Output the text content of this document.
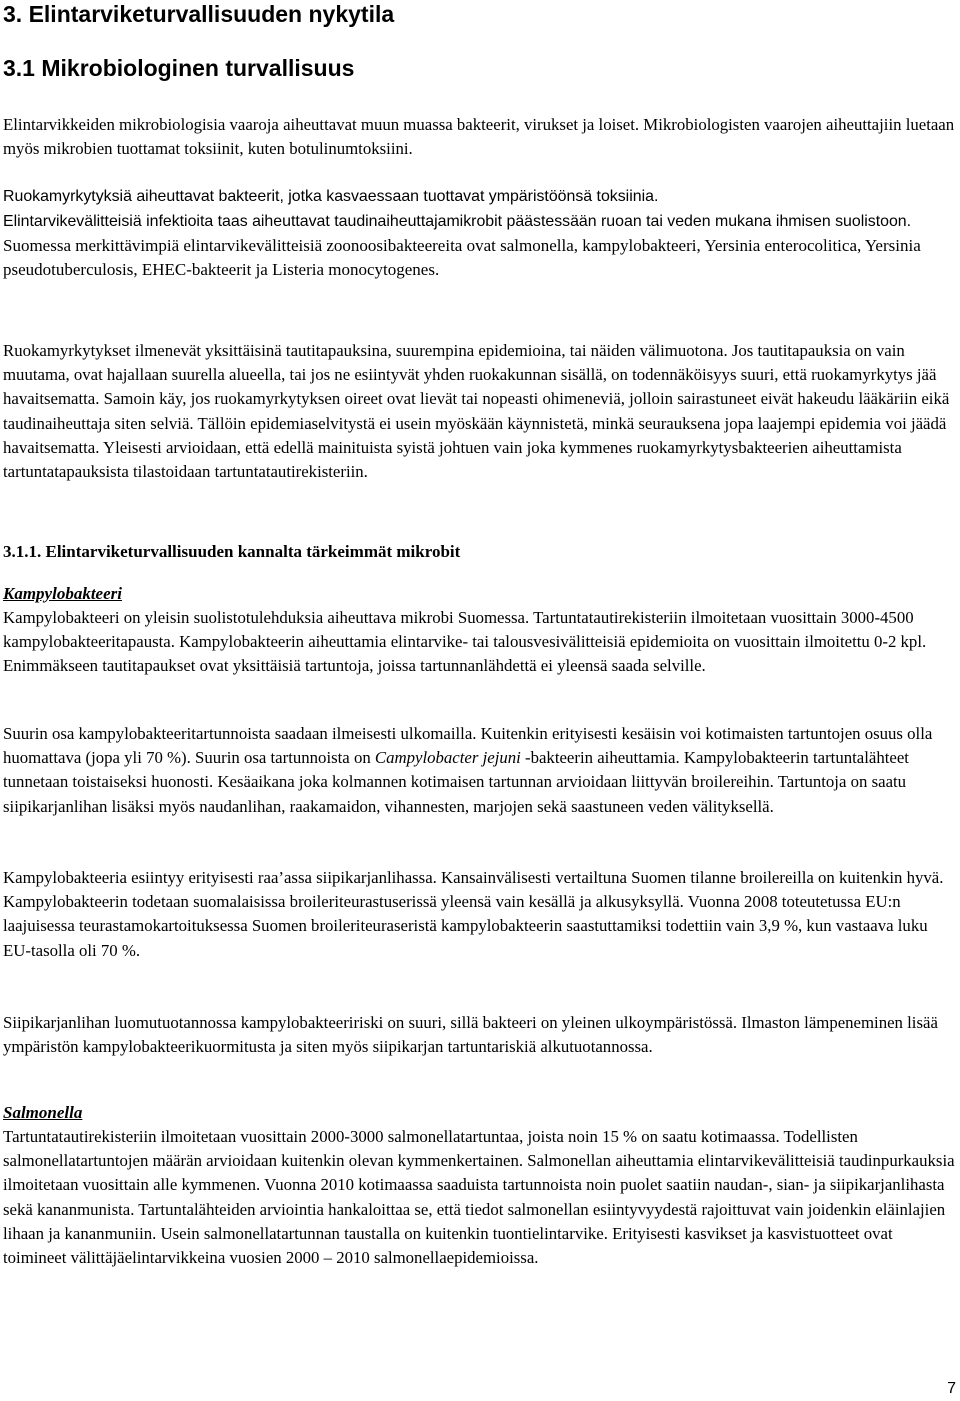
3. Elintarviketurvallisuuden nykytila
3.1 Mikrobiologinen turvallisuus

Elintarvikkeiden mikrobiologisia vaaroja aiheuttavat muun muassa bakteerit, virukset ja loiset. Mikrobiologisten vaarojen aiheuttajiin luetaan myös mikrobien tuottamat toksiinit, kuten botulinumtoksiini.

Ruokamyrkytyksiä aiheuttavat bakteerit, jotka kasvaessaan tuottavat ympäristöönsä toksiinia.

Elintarvikevälitteisiä infektioita taas aiheuttavat taudinaiheuttajamikrobit päästessään ruoan tai veden mukana ihmisen suolistoon. Suomessa merkittävimpiä elintarvikevälitteisiä zoonoosibakteereita ovat salmonella, kampylobakteeri, Yersinia enterocolitica, Yersinia pseudotuberculosis, EHEC-bakteerit ja Listeria monocytogenes.

Ruokamyrkytykset ilmenevät yksittäisinä tautitapauksina, suurempina epidemioina, tai näiden välimuotona. Jos tautitapauksia on vain muutama, ovat hajallaan suurella alueella, tai jos ne esiintyvät yhden ruokakunnan sisällä, on todennäköisyys suuri, että ruokamyrkytys jää havaitsematta. Samoin käy, jos ruokamyrkytyksen oireet ovat lievät tai nopeasti ohimeneviä, jolloin sairastuneet eivät hakeudu lääkäriin eikä taudinaiheuttaja siten selviä. Tällöin epidemiaselvitystä ei usein myöskään käynnistetä, minkä seurauksena jopa laajempi epidemia voi jäädä havaitsematta. Yleisesti arvioidaan, että edellä mainituista syistä johtuen vain joka kymmenes ruokamyrkytysbakteerien aiheuttamista tartuntatapauksista tilastoidaan tartuntatautirekisteriin.

3.1.1. Elintarviketurvallisuuden kannalta tärkeimmät mikrobit
Kampylobakteeri

Kampylobakteeri on yleisin suolistotulehduksia aiheuttava mikrobi Suomessa. Tartuntatautirekisteriin ilmoitetaan vuosittain 3000-4500 kampylobakteeritapausta. Kampylobakteerin aiheuttamia elintarvike- tai talousvesivälitteisiä epidemioita on vuosittain ilmoitettu 0-2 kpl. Enimmäkseen tautitapaukset ovat yksittäisiä tartuntoja, joissa tartunnanlähdettä ei yleensä saada selville.

Suurin osa kampylobakteeritartunnoista saadaan ilmeisesti ulkomailla. Kuitenkin erityisesti kesäisin voi kotimaisten tartuntojen osuus olla huomattava (jopa yli 70 %). Suurin osa tartunnoista on Campylobacter jejuni -bakteerin aiheuttamia. Kampylobakteerin tartuntalähteet tunnetaan toistaiseksi huonosti. Kesäaikana joka kolmannen kotimaisen tartunnan arvioidaan liittyvän broilereihin. Tartuntoja on saatu siipikarjanlihan lisäksi myös naudanlihan, raakamaidon, vihannesten, marjojen sekä saastuneen veden välityksellä.

Kampylobakteeria esiintyy erityisesti raa’assa siipikarjanlihassa. Kansainvälisesti vertailtuna Suomen tilanne broilereilla on kuitenkin hyvä. Kampylobakteerin todetaan suomalaisissa broileriteurastuserissä yleensä vain kesällä ja alkusyksyllä. Vuonna 2008 toteutetussa EU:n laajuisessa teurastamokartoituksessa Suomen broileriteuraseristä kampylobakteerin saastuttamiksi todettiin vain 3,9 %, kun vastaava luku EU-tasolla oli 70 %.

Siipikarjanlihan luomutuotannossa kampylobakteeririski on suuri, sillä bakteeri on yleinen ulkoympäristössä. Ilmaston lämpeneminen lisää ympäristön kampylobakteerikuormitusta ja siten myös siipikarjan tartuntariskiä alkutuotannossa.

Salmonella

Tartuntatautirekisteriin ilmoitetaan vuosittain 2000-3000 salmonellatartuntaa, joista noin 15 % on saatu kotimaassa. Todellisten salmonellatartuntojen määrän arvioidaan kuitenkin olevan kymmenkertainen. Salmonellan aiheuttamia elintarvikevälitteisiä taudinpurkauksia ilmoitetaan vuosittain alle kymmenen. Vuonna 2010 kotimaassa saaduista tartunnoista noin puolet saatiin naudan-, sian- ja siipikarjanlihasta sekä kananmunista. Tartuntalähteiden arviointia hankaloittaa se, että tiedot salmonellan esiintyvyydestä rajoittuvat vain joidenkin eläinlajien lihaan ja kananmuniin. Usein salmonellatartunnan taustalla on kuitenkin tuontielintarvike. Erityisesti kasvikset ja kasvistuotteet ovat toimineet välittäjäelintarvikkeina vuosien 2000 – 2010 salmonellaepidemioissa.

7
